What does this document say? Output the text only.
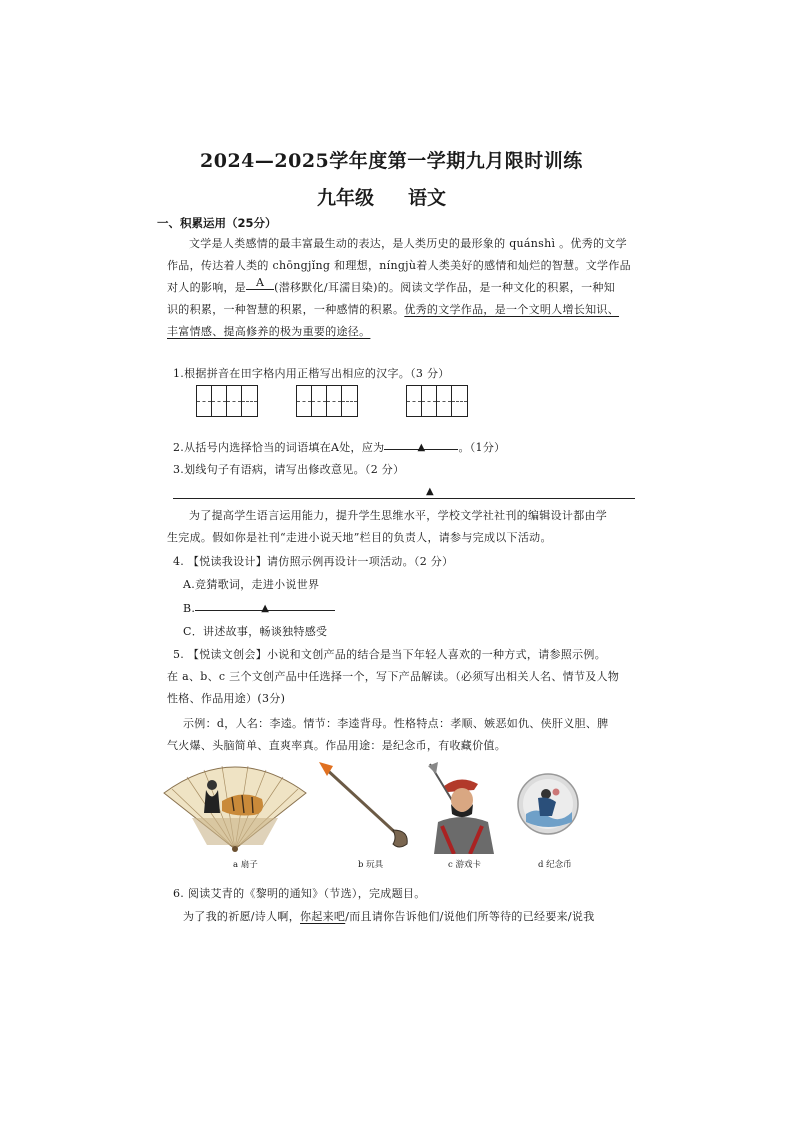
2024—2025学年度第一学期九月限时训练
九年级 语文
一、积累运用（25分）
文学是人类感情的最丰富最生动的表达，是人类历史的最形象的 quánshì 。优秀的文学
作品，传达着人类的 chōngjǐng 和理想，níngjù着人类美好的感情和灿烂的智慧。文学作品
对人的影响，是 A (潜移默化/耳濡目染)的。阅读文学作品，是一种文化的积累，一种知
识的积累，一种智慧的积累，一种感情的积累。优秀的文学作品，是一个文明人增长知识、
丰富情感、提高修养的极为重要的途径。
1.根据拼音在田字格内用正楷写出相应的汉字。（3 分）
2.从括号内选择恰当的词语填在A处，应为	▲	。（1分）
3.划线句子有语病，请写出修改意见。（2 分）
▲
为了提高学生语言运用能力，提升学生思维水平，学校文学社社刊的编辑设计都由学
生完成。假如你是社刊“走进小说天地”栏目的负责人，请参与完成以下活动。
4. 【悦读我设计】请仿照示例再设计一项活动。（2 分）
A.竞猜歌词，走进小说世界
B.	▲
C．讲述故事，畅谈独特感受
5. 【悦读文创会】小说和文创产品的结合是当下年轻人喜欢的一种方式，请参照示例。
在 a、b、c 三个文创产品中任选择一个，写下产品解读。（必须写出相关人名、情节及人物
性格、作品用途）(3分)
示例：d，人名：李逵。情节：李逵背母。性格特点：孝顺、嫉恶如仇、侠肝义胆、脾
气火爆、头脑简单、直爽率真。作品用途：是纪念币，有收藏价值。
a 扇子	b 玩具	c 游戏卡	d 纪念币
6. 阅读艾青的《黎明的通知》（节选），完成题目。
为了我的祈愿/诗人啊，你起来吧/而且请你告诉他们/说他们所等待的已经要来/说我
